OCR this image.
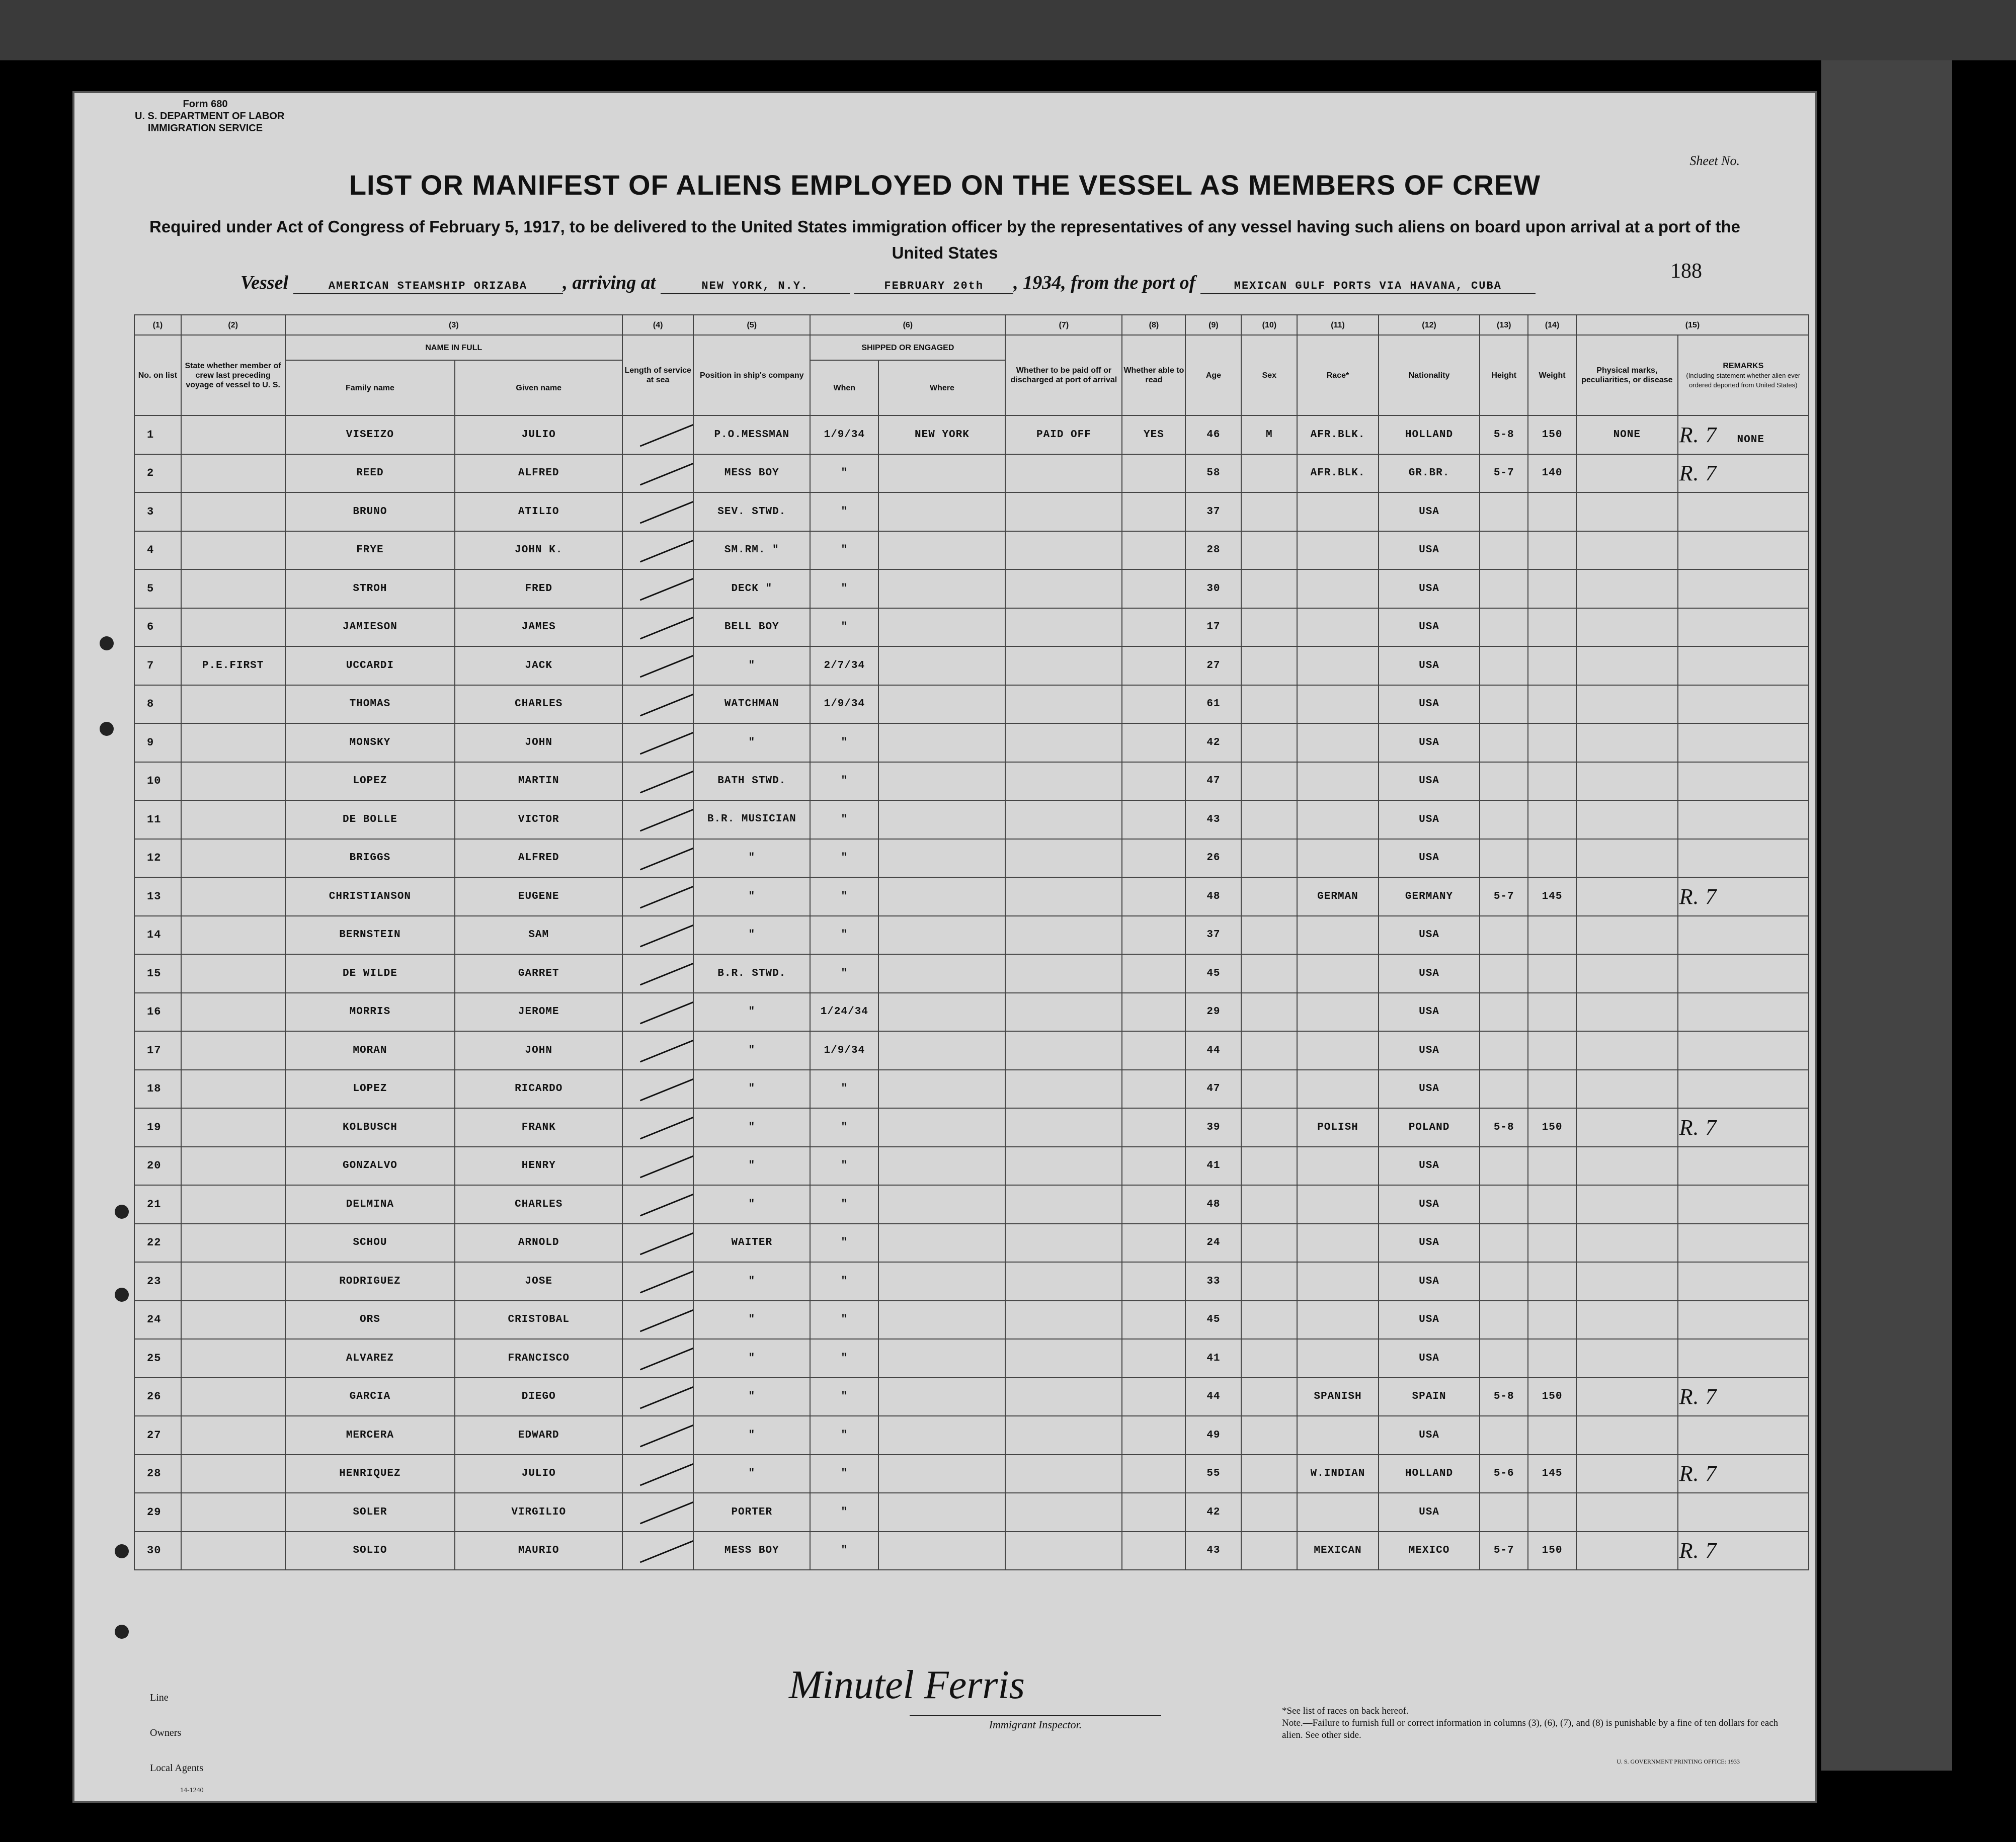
Form 680
U. S. DEPARTMENT OF LABOR
IMMIGRATION SERVICE
Sheet No.
LIST OR MANIFEST OF ALIENS EMPLOYED ON THE VESSEL AS MEMBERS OF CREW
Required under Act of Congress of February 5, 1917, to be delivered to the United States immigration officer by the representatives of any vessel having such aliens on board upon arrival at a port of the United States
Vessel	AMERICAN STEAMSHIP ORIZABA , arriving at	NEW YORK, N.Y.	FEBRUARY 20th , 1934, from the port of	MEXICAN GULF PORTS VIA HAVANA, CUBA
188
(1)	(2)	(3)		(4)	(5)	(6)		(7)	(8)	(9)	(10)	(11)	(12)	(13)	(14)	(15)	
No. on list	State whether member of crew last preceding voyage of vessel to U. S.	NAME IN FULL		Length of service at sea	Position in ship's company	SHIPPED OR ENGAGED		Whether to be paid off or discharged at port of arrival	Whether able to read	Age	Sex	Race*	Nationality	Height	Weight	Physical marks, peculiarities, or disease	REMARKS
(Including statement whether alien ever ordered deported from United States)

		Family name	Given name			When	Where										
1		VISEIZO	JULIO		P.O.MESSMAN	1/9/34	NEW YORK	PAID OFF	YES	46	M	AFR.BLK.	HOLLAND	5-8	150	NONE	R. 7 NONE
2		REED	ALFRED		MESS BOY	"				58		AFR.BLK.	GR.BR.	5-7	140		R. 7
3		BRUNO	ATILIO		SEV. STWD.	"				37			USA				
4		FRYE	JOHN K.		SM.RM. "	"				28			USA				
5		STROH	FRED		DECK "	"				30			USA				
6		JAMIESON	JAMES		BELL BOY	"				17			USA				
7	P.E.FIRST	UCCARDI	JACK		"	2/7/34				27			USA				
8		THOMAS	CHARLES		WATCHMAN	1/9/34				61			USA				
9		MONSKY	JOHN		"	"				42			USA				
10		LOPEZ	MARTIN		BATH STWD.	"				47			USA				
11		DE BOLLE	VICTOR		B.R. MUSICIAN	"				43			USA				
12		BRIGGS	ALFRED		"	"				26			USA				
13		CHRISTIANSON	EUGENE		"	"				48		GERMAN	GERMANY	5-7	145		R. 7
14		BERNSTEIN	SAM		"	"				37			USA				
15		DE WILDE	GARRET		B.R. STWD.	"				45			USA				
16		MORRIS	JEROME		"	1/24/34				29			USA				
17		MORAN	JOHN		"	1/9/34				44			USA				
18		LOPEZ	RICARDO		"	"				47			USA				
19		KOLBUSCH	FRANK		"	"				39		POLISH	POLAND	5-8	150		R. 7
20		GONZALVO	HENRY		"	"				41			USA				
21		DELMINA	CHARLES		"	"				48			USA				
22		SCHOU	ARNOLD		WAITER	"				24			USA				
23		RODRIGUEZ	JOSE		"	"				33			USA				
24		ORS	CRISTOBAL		"	"				45			USA				
25		ALVAREZ	FRANCISCO		"	"				41			USA				
26		GARCIA	DIEGO		"	"				44		SPANISH	SPAIN	5-8	150		R. 7
27		MERCERA	EDWARD		"	"				49			USA				
28		HENRIQUEZ	JULIO		"	"				55		W.INDIAN	HOLLAND	5-6	145		R. 7
29		SOLER	VIRGILIO		PORTER	"				42			USA				
30		SOLIO	MAURIO		MESS BOY	"				43		MEXICAN	MEXICO	5-7	150		R. 7
Line
Owners
Local Agents
14-1240
Minutel Ferris
Immigrant Inspector.
*See list of races on back hereof.
Note.—Failure to furnish full or correct information in columns (3), (6), (7), and (8) is punishable by a fine of ten dollars for each alien. See other side.
U. S. GOVERNMENT PRINTING OFFICE: 1933
